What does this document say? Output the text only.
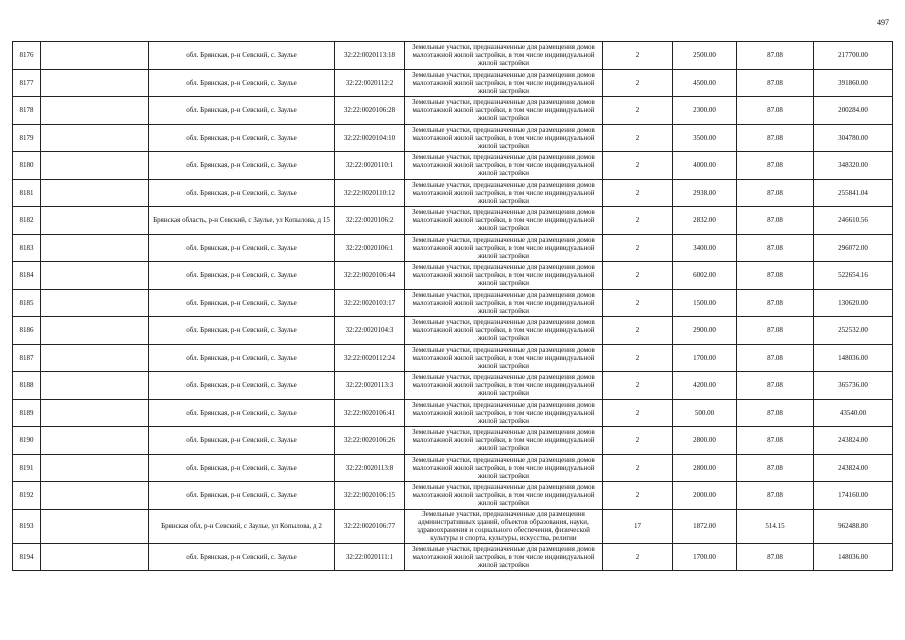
497
8176		обл. Брянская, р-н Севский, с. Заулье	32:22:0020113:18	Земельные участки, предназначенные для размещения домов малоэтажной жилой застройки, в том числе индивидуальной жилой застройки	2	2500.00	87.08	217700.00
8177		обл. Брянская, р-н Севский, с. Заулье	32:22:0020112:2	Земельные участки, предназначенные для размещения домов малоэтажной жилой застройки, в том числе индивидуальной жилой застройки	2	4500.00	87.08	391860.00
8178		обл. Брянская, р-н Севский, с. Заулье	32:22:0020106:28	Земельные участки, предназначенные для размещения домов малоэтажной жилой застройки, в том числе индивидуальной жилой застройки	2	2300.00	87.08	200284.00
8179		обл. Брянская, р-н Севский, с. Заулье	32:22:0020104:10	Земельные участки, предназначенные для размещения домов малоэтажной жилой застройки, в том числе индивидуальной жилой застройки	2	3500.00	87.08	304780.00
8180		обл. Брянская, р-н Севский, с. Заулье	32:22:0020110:1	Земельные участки, предназначенные для размещения домов малоэтажной жилой застройки, в том числе индивидуальной жилой застройки	2	4000.00	87.08	348320.00
8181		обл. Брянская, р-н Севский, с. Заулье	32:22:0020110:12	Земельные участки, предназначенные для размещения домов малоэтажной жилой застройки, в том числе индивидуальной жилой застройки	2	2938.00	87.08	255841.04
8182		Брянская область, р-н Севский, с Заулье, ул Копылова, д 15	32:22:0020106:2	Земельные участки, предназначенные для размещения домов малоэтажной жилой застройки, в том числе индивидуальной жилой застройки	2	2832.00	87.08	246610.56
8183		обл. Брянская, р-н Севский, с. Заулье	32:22:0020106:1	Земельные участки, предназначенные для размещения домов малоэтажной жилой застройки, в том числе индивидуальной жилой застройки	2	3400.00	87.08	296072.00
8184		обл. Брянская, р-н Севский, с. Заулье	32:22:0020106:44	Земельные участки, предназначенные для размещения домов малоэтажной жилой застройки, в том числе индивидуальной жилой застройки	2	6002.00	87.08	522654.16
8185		обл. Брянская, р-н Севский, с. Заулье	32:22:0020103:17	Земельные участки, предназначенные для размещения домов малоэтажной жилой застройки, в том числе индивидуальной жилой застройки	2	1500.00	87.08	130620.00
8186		обл. Брянская, р-н Севский, с. Заулье	32:22:0020104:3	Земельные участки, предназначенные для размещения домов малоэтажной жилой застройки, в том числе индивидуальной жилой застройки	2	2900.00	87.08	252532.00
8187		обл. Брянская, р-н Севский, с. Заулье	32:22:0020112:24	Земельные участки, предназначенные для размещения домов малоэтажной жилой застройки, в том числе индивидуальной жилой застройки	2	1700.00	87.08	148036.00
8188		обл. Брянская, р-н Севский, с. Заулье	32:22:0020113:3	Земельные участки, предназначенные для размещения домов малоэтажной жилой застройки, в том числе индивидуальной жилой застройки	2	4200.00	87.08	365736.00
8189		обл. Брянская, р-н Севский, с. Заулье	32:22:0020106:41	Земельные участки, предназначенные для размещения домов малоэтажной жилой застройки, в том числе индивидуальной жилой застройки	2	500.00	87.08	43540.00
8190		обл. Брянская, р-н Севский, с. Заулье	32:22:0020106:26	Земельные участки, предназначенные для размещения домов малоэтажной жилой застройки, в том числе индивидуальной жилой застройки	2	2800.00	87.08	243824.00
8191		обл. Брянская, р-н Севский, с. Заулье	32:22:0020113:8	Земельные участки, предназначенные для размещения домов малоэтажной жилой застройки, в том числе индивидуальной жилой застройки	2	2800.00	87.08	243824.00
8192		обл. Брянская, р-н Севский, с. Заулье	32:22:0020106:15	Земельные участки, предназначенные для размещения домов малоэтажной жилой застройки, в том числе индивидуальной жилой застройки	2	2000.00	87.08	174160.00
8193		Брянская обл, р-н Севский, с Заулье, ул Копылова, д 2	32:22:0020106:77	Земельные участки, предназначенные для размещения административных зданий, объектов образования, науки, здравоохранения и социального обеспечения, физической культуры и спорта, культуры, искусства, религии	17	1872.00	514.15	962488.80
8194		обл. Брянская, р-н Севский, с. Заулье	32:22:0020111:1	Земельные участки, предназначенные для размещения домов малоэтажной жилой застройки, в том числе индивидуальной жилой застройки	2	1700.00	87.08	148036.00
